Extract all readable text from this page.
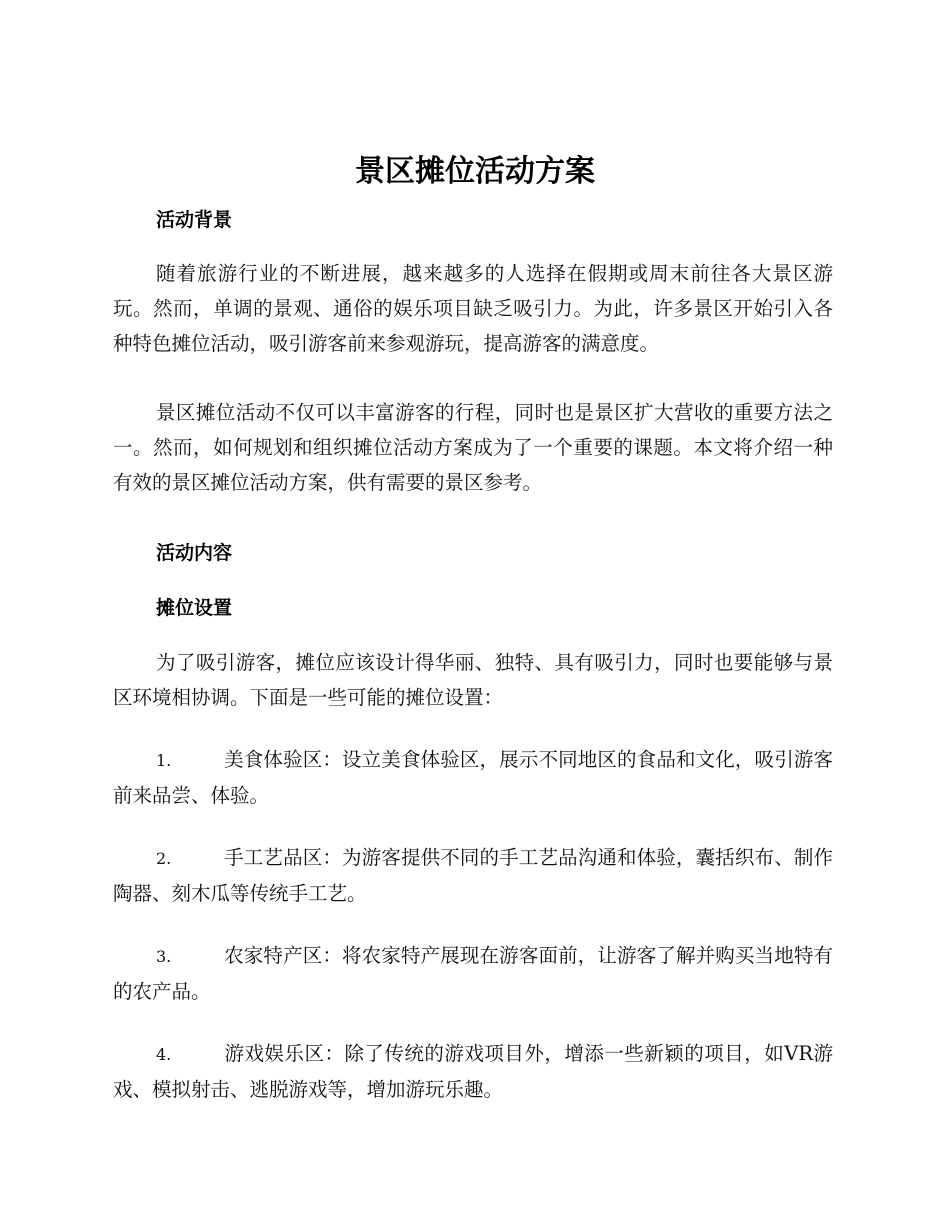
景区摊位活动方案
活动背景
随着旅游行业的不断进展，越来越多的人选择在假期或周末前往各大景区游玩。然而，单调的景观、通俗的娱乐项目缺乏吸引力。为此，许多景区开始引入各种特色摊位活动，吸引游客前来参观游玩，提高游客的满意度。
景区摊位活动不仅可以丰富游客的行程，同时也是景区扩大营收的重要方法之一。然而，如何规划和组织摊位活动方案成为了一个重要的课题。本文将介绍一种有效的景区摊位活动方案，供有需要的景区参考。
活动内容
摊位设置
为了吸引游客，摊位应该设计得华丽、独特、具有吸引力，同时也要能够与景区环境相协调。下面是一些可能的摊位设置：
1.	美食体验区：设立美食体验区，展示不同地区的食品和文化，吸引游客前来品尝、体验。
2.	手工艺品区：为游客提供不同的手工艺品沟通和体验，囊括织布、制作陶器、刻木瓜等传统手工艺。
3.	农家特产区：将农家特产展现在游客面前，让游客了解并购买当地特有的农产品。
4.	游戏娱乐区：除了传统的游戏项目外，增添一些新颖的项目，如VR游戏、模拟射击、逃脱游戏等，增加游玩乐趣。
